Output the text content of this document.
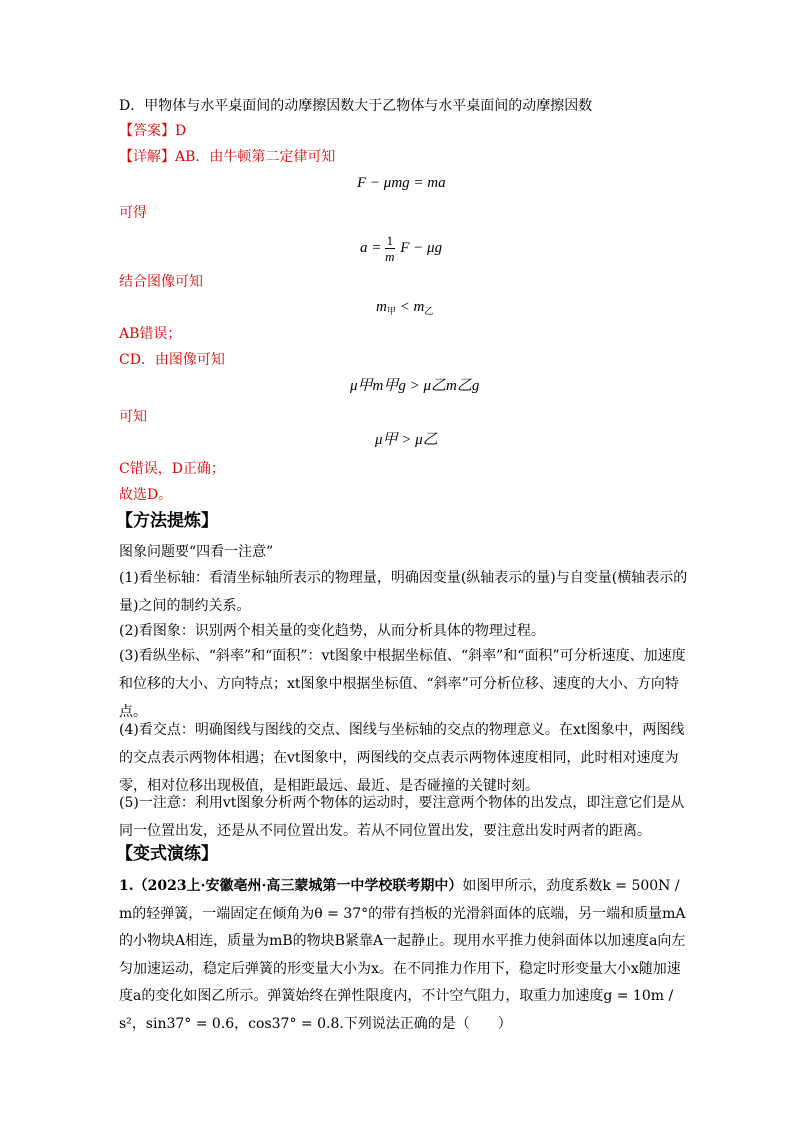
D．甲物体与水平桌面间的动摩擦因数大于乙物体与水平桌面间的动摩擦因数
【答案】D
【详解】AB．由牛顿第二定律可知
F − μmg = ma
可得
$a = \frac{1}{m}$ F − μg
结合图像可知
$m_甲 < m_乙$
AB错误；
CD．由图像可知
μ甲m甲g > μ乙m乙g
可知
μ甲 > μ乙
C错误，D正确；
故选D。
【方法提炼】
图象问题要“四看一注意”
(1)看坐标轴：看清坐标轴所表示的物理量，明确因变量(纵轴表示的量)与自变量(横轴表示的量)之间的制约关系。
(2)看图象：识别两个相关量的变化趋势，从而分析具体的物理过程。
(3)看纵坐标、“斜率”和“面积”：vt图象中根据坐标值、“斜率”和“面积”可分析速度、加速度和位移的大小、方向特点；xt图象中根据坐标值、“斜率”可分析位移、速度的大小、方向特点。
(4)看交点：明确图线与图线的交点、图线与坐标轴的交点的物理意义。在xt图象中，两图线的交点表示两物体相遇；在vt图象中，两图线的交点表示两物体速度相同，此时相对速度为零，相对位移出现极值，是相距最远、最近、是否碰撞的关键时刻。
(5)一注意：利用vt图象分析两个物体的运动时，要注意两个物体的出发点，即注意它们是从同一位置出发，还是从不同位置出发。若从不同位置出发，要注意出发时两者的距离。
【变式演练】
1.（2023上·安徽亳州·高三蒙城第一中学校联考期中）如图甲所示，劲度系数k = 500N / m的轻弹簧，一端固定在倾角为θ = 37°的带有挡板的光滑斜面体的底端，另一端和质量mA的小物块A相连，质量为mB的物块B紧靠A一起静止。现用水平推力使斜面体以加速度a向左匀加速运动，稳定后弹簧的形变量大小为x。在不同推力作用下，稳定时形变量大小x随加速度a的变化如图乙所示。弹簧始终在弹性限度内，不计空气阻力，取重力加速度g = 10m / s²，sin37° = 0.6，cos37° = 0.8.下列说法正确的是（　　）
